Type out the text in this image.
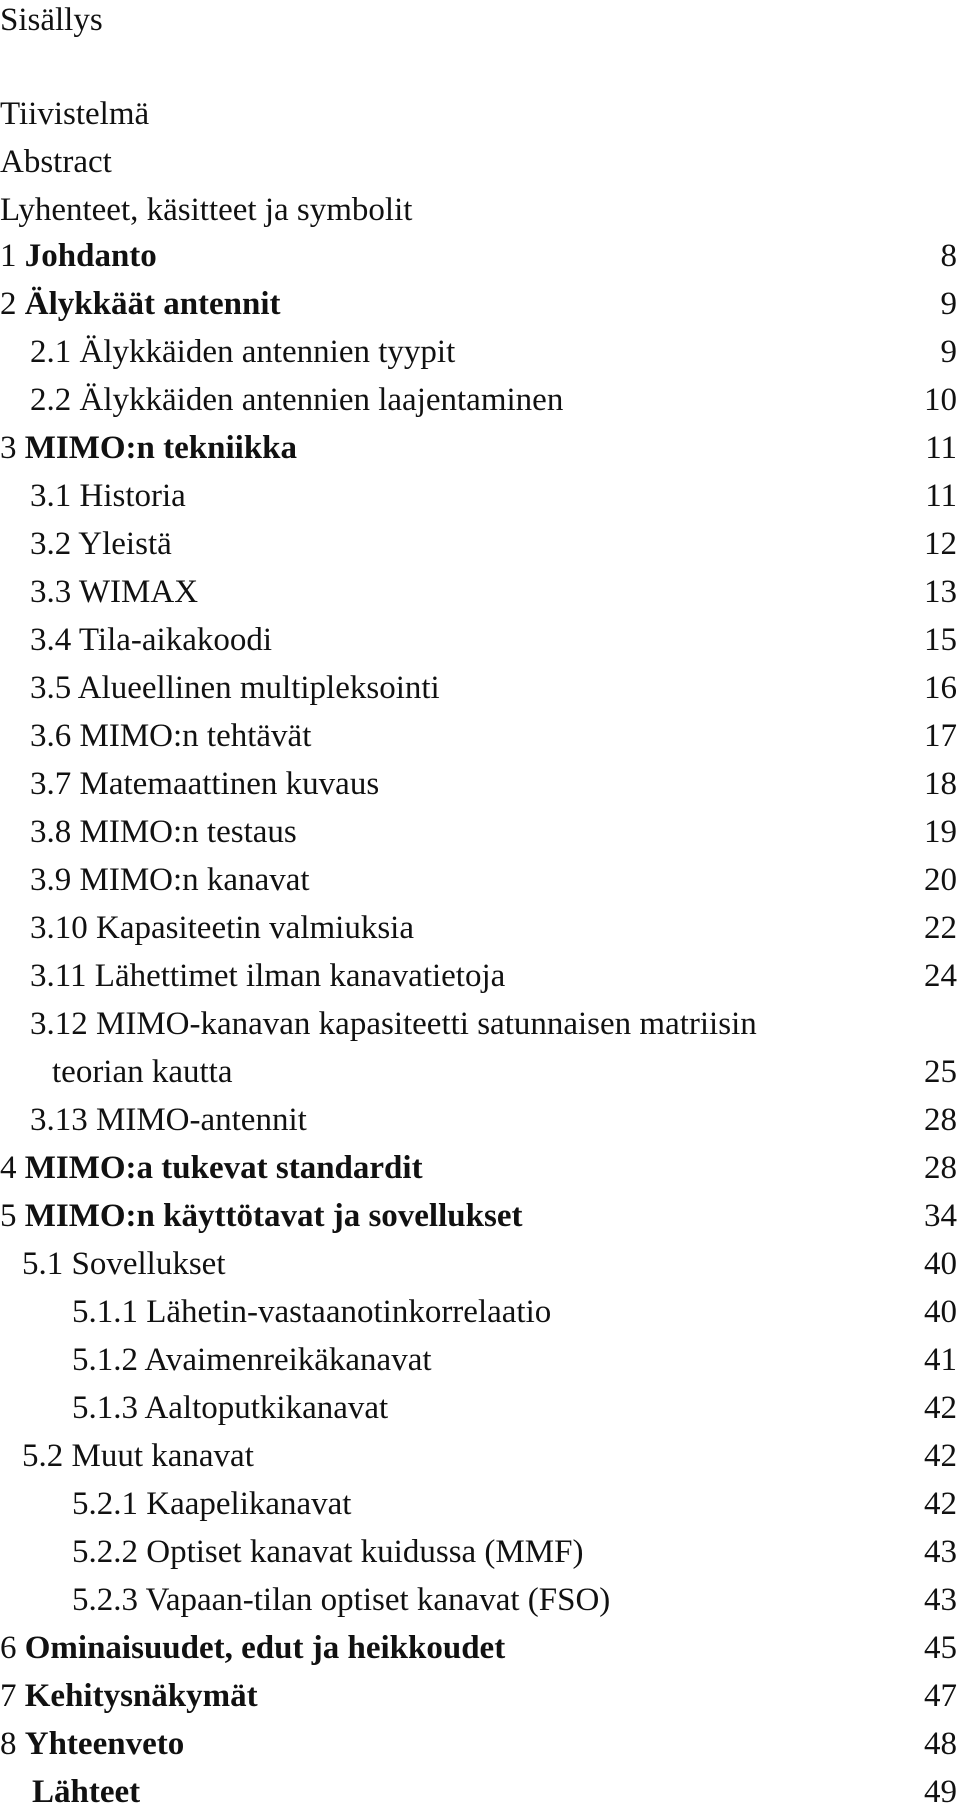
Sisällys
Tiivistelmä
Abstract
Lyhenteet, käsitteet ja symbolit
1 Johdanto	8
2 Älykkäät antennit	9
2.1 Älykkäiden antennien tyypit	9
2.2 Älykkäiden antennien laajentaminen	10
3 MIMO:n tekniikka	11
3.1 Historia	11
3.2 Yleistä	12
3.3 WIMAX	13
3.4 Tila-aikakoodi	15
3.5 Alueellinen multipleksointi	16
3.6 MIMO:n tehtävät	17
3.7 Matemaattinen kuvaus	18
3.8 MIMO:n testaus	19
3.9 MIMO:n kanavat	20
3.10 Kapasiteetin valmiuksia	22
3.11 Lähettimet ilman kanavatietoja	24
3.12 MIMO-kanavan kapasiteetti satunnaisen matriisin
teorian kautta	25
3.13 MIMO-antennit	28
4 MIMO:a tukevat standardit	28
5 MIMO:n käyttötavat ja sovellukset	34
5.1 Sovellukset	40
5.1.1 Lähetin-vastaanotinkorrelaatio	40
5.1.2 Avaimenreikäkanavat	41
5.1.3 Aaltoputkikanavat	42
5.2 Muut kanavat	42
5.2.1 Kaapelikanavat	42
5.2.2 Optiset kanavat kuidussa (MMF)	43
5.2.3 Vapaan-tilan optiset kanavat (FSO)	43
6 Ominaisuudet, edut ja heikkoudet	45
7 Kehitysnäkymät	47
8 Yhteenveto	48
Lähteet	49
